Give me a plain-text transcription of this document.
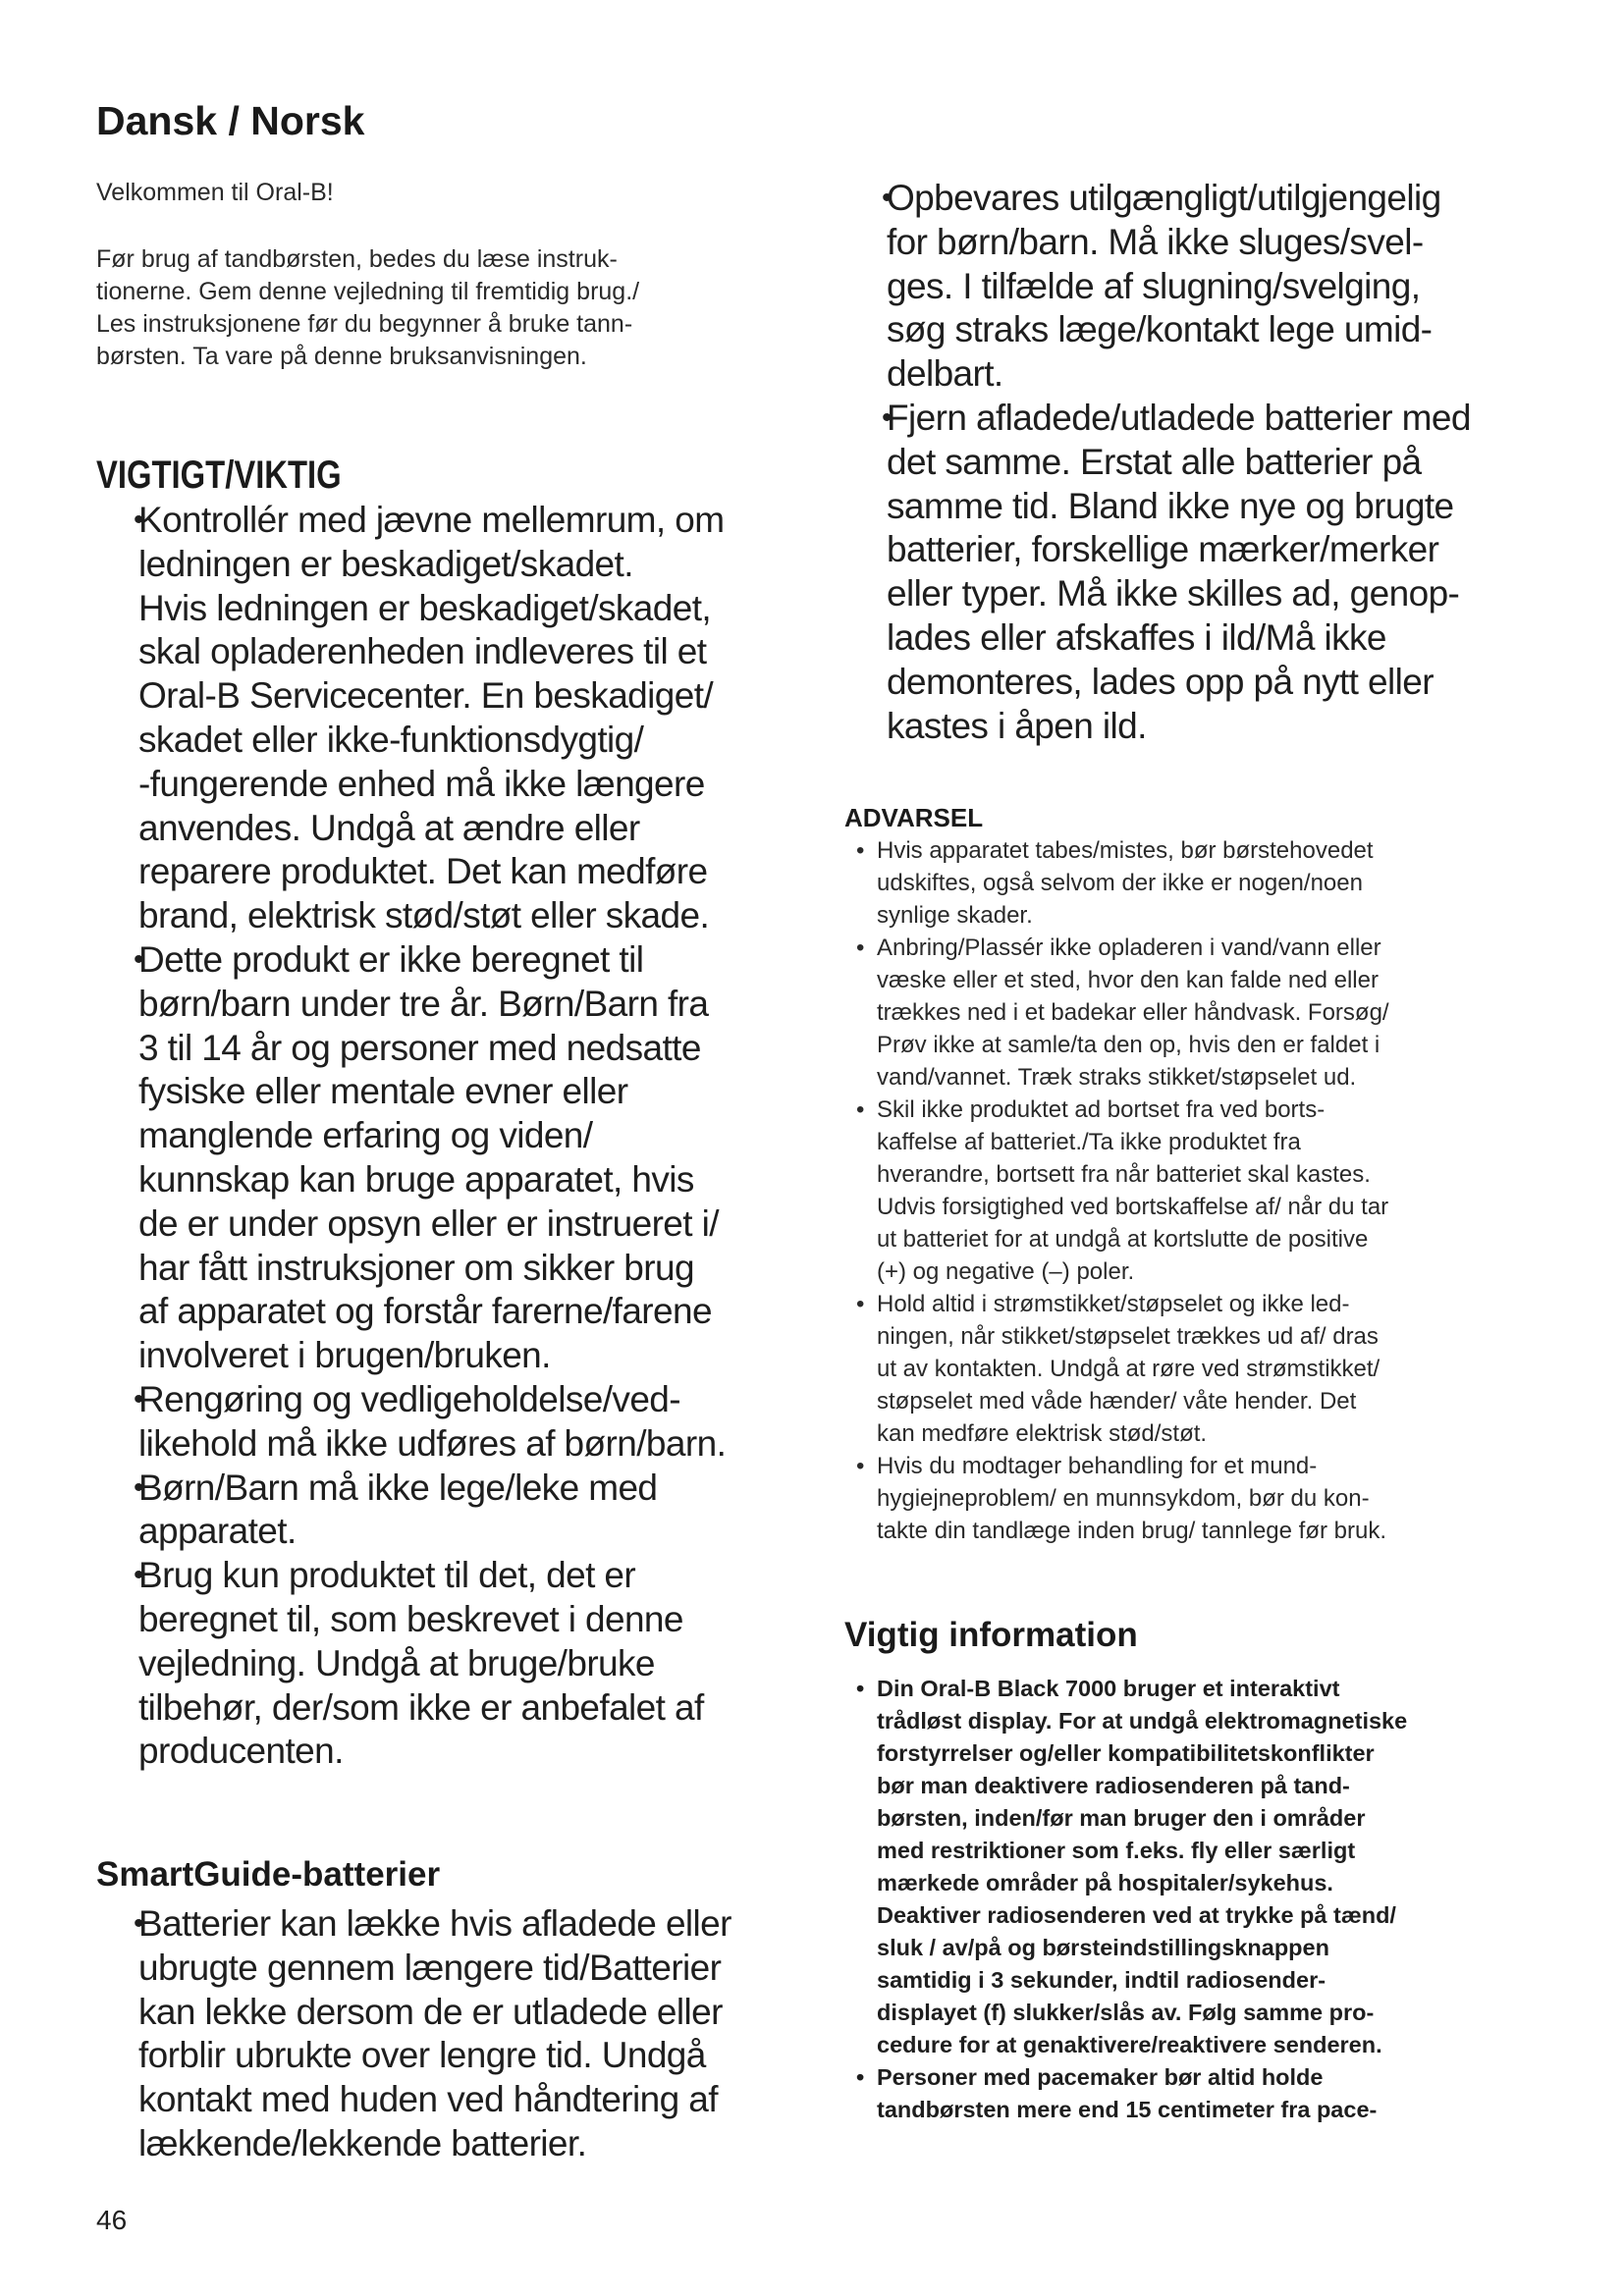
Dansk / Norsk

Velkommen til Oral-B!

Før brug af tandbørsten, bedes du læse instruk-
tionerne. Gem denne vejledning til fremtidig brug./
Les instruksjonene før du begynner å bruke tann-
børsten. Ta vare på denne bruksanvisningen.

VIGTIGT/VIKTIG
• Kontrollér med jævne mellemrum, om
ledningen er beskadiget/skadet.
Hvis ledningen er beskadiget/skadet,
skal opladerenheden indleveres til et
Oral-B Servicecenter. En beskadiget/
skadet eller ikke-funktionsdygtig/
-fungerende enhed må ikke længere
anvendes. Undgå at ændre eller
reparere produktet. Det kan medføre
brand, elektrisk stød/støt eller skade.
• Dette produkt er ikke beregnet til
børn/barn under tre år. Børn/Barn fra
3 til 14 år og personer med nedsatte
fysiske eller mentale evner eller
manglende erfaring og viden/
kunnskap kan bruge apparatet, hvis
de er under opsyn eller er instrueret i/
har fått instruksjoner om sikker brug
af apparatet og forstår farerne/farene
involveret i brugen/bruken.
• Rengøring og vedligeholdelse/ved-
likehold må ikke udføres af børn/barn.
• Børn/Barn må ikke lege/leke med
apparatet.
• Brug kun produktet til det, det er
beregnet til, som beskrevet i denne
vejledning. Undgå at bruge/bruke
tilbehør, der/som ikke er anbefalet af
producenten.
SmartGuide-batterier
• Batterier kan lække hvis afladede eller
ubrugte gennem længere tid/Batterier
kan lekke dersom de er utladede eller
forblir ubrukte over lengre tid. Undgå
kontakt med huden ved håndtering af
lækkende/lekkende batterier.
• Opbevares utilgængligt/utilgjengelig
for børn/barn. Må ikke sluges/svel-
ges. I tilfælde af slugning/svelging,
søg straks læge/kontakt lege umid-
delbart.
• Fjern afladede/utladede batterier med
det samme. Erstat alle batterier på
samme tid. Bland ikke nye og brugte
batterier, forskellige mærker/merker
eller typer. Må ikke skilles ad, genop-
lades eller afskaffes i ild/Må ikke
demonteres, lades opp på nytt eller
kastes i åpen ild.
ADVARSEL
• Hvis apparatet tabes/mistes, bør børstehovedet
udskiftes, også selvom der ikke er nogen/noen
synlige skader.
• Anbring/Plassér ikke opladeren i vand/vann eller
væske eller et sted, hvor den kan falde ned eller
trækkes ned i et badekar eller håndvask. Forsøg/
Prøv ikke at samle/ta den op, hvis den er faldet i
vand/vannet. Træk straks stikket/støpselet ud.
• Skil ikke produktet ad bortset fra ved borts-
kaffelse af batteriet./Ta ikke produktet fra
hverandre, bortsett fra når batteriet skal kastes.
Udvis forsigtighed ved bortskaffelse af/ når du tar
ut batteriet for at undgå at kortslutte de positive
(+) og negative (–) poler.
• Hold altid i strømstikket/støpselet og ikke led-
ningen, når stikket/støpselet trækkes ud af/ dras
ut av kontakten. Undgå at røre ved strømstikket/
støpselet med våde hænder/ våte hender. Det
kan medføre elektrisk stød/støt.
• Hvis du modtager behandling for et mund-
hygiejneproblem/ en munnsykdom, bør du kon-
takte din tandlæge inden brug/ tannlege før bruk.
Vigtig information
• Din Oral-B Black 7000 bruger et interaktivt
trådløst display. For at undgå elektromagnetiske
forstyrrelser og/eller kompatibilitetskonflikter
bør man deaktivere radiosenderen på tand-
børsten, inden/før man bruger den i områder
med restriktioner som f.eks. fly eller særligt
mærkede områder på hospitaler/sykehus.
Deaktiver radiosenderen ved at trykke på tænd/
sluk / av/på og børsteindstillingsknappen
samtidig i 3 sekunder, indtil radiosender-
displayet (f) slukker/slås av. Følg samme pro-
cedure for at genaktivere/reaktivere senderen.
• Personer med pacemaker bør altid holde
tandbørsten mere end 15 centimeter fra pace-
46
